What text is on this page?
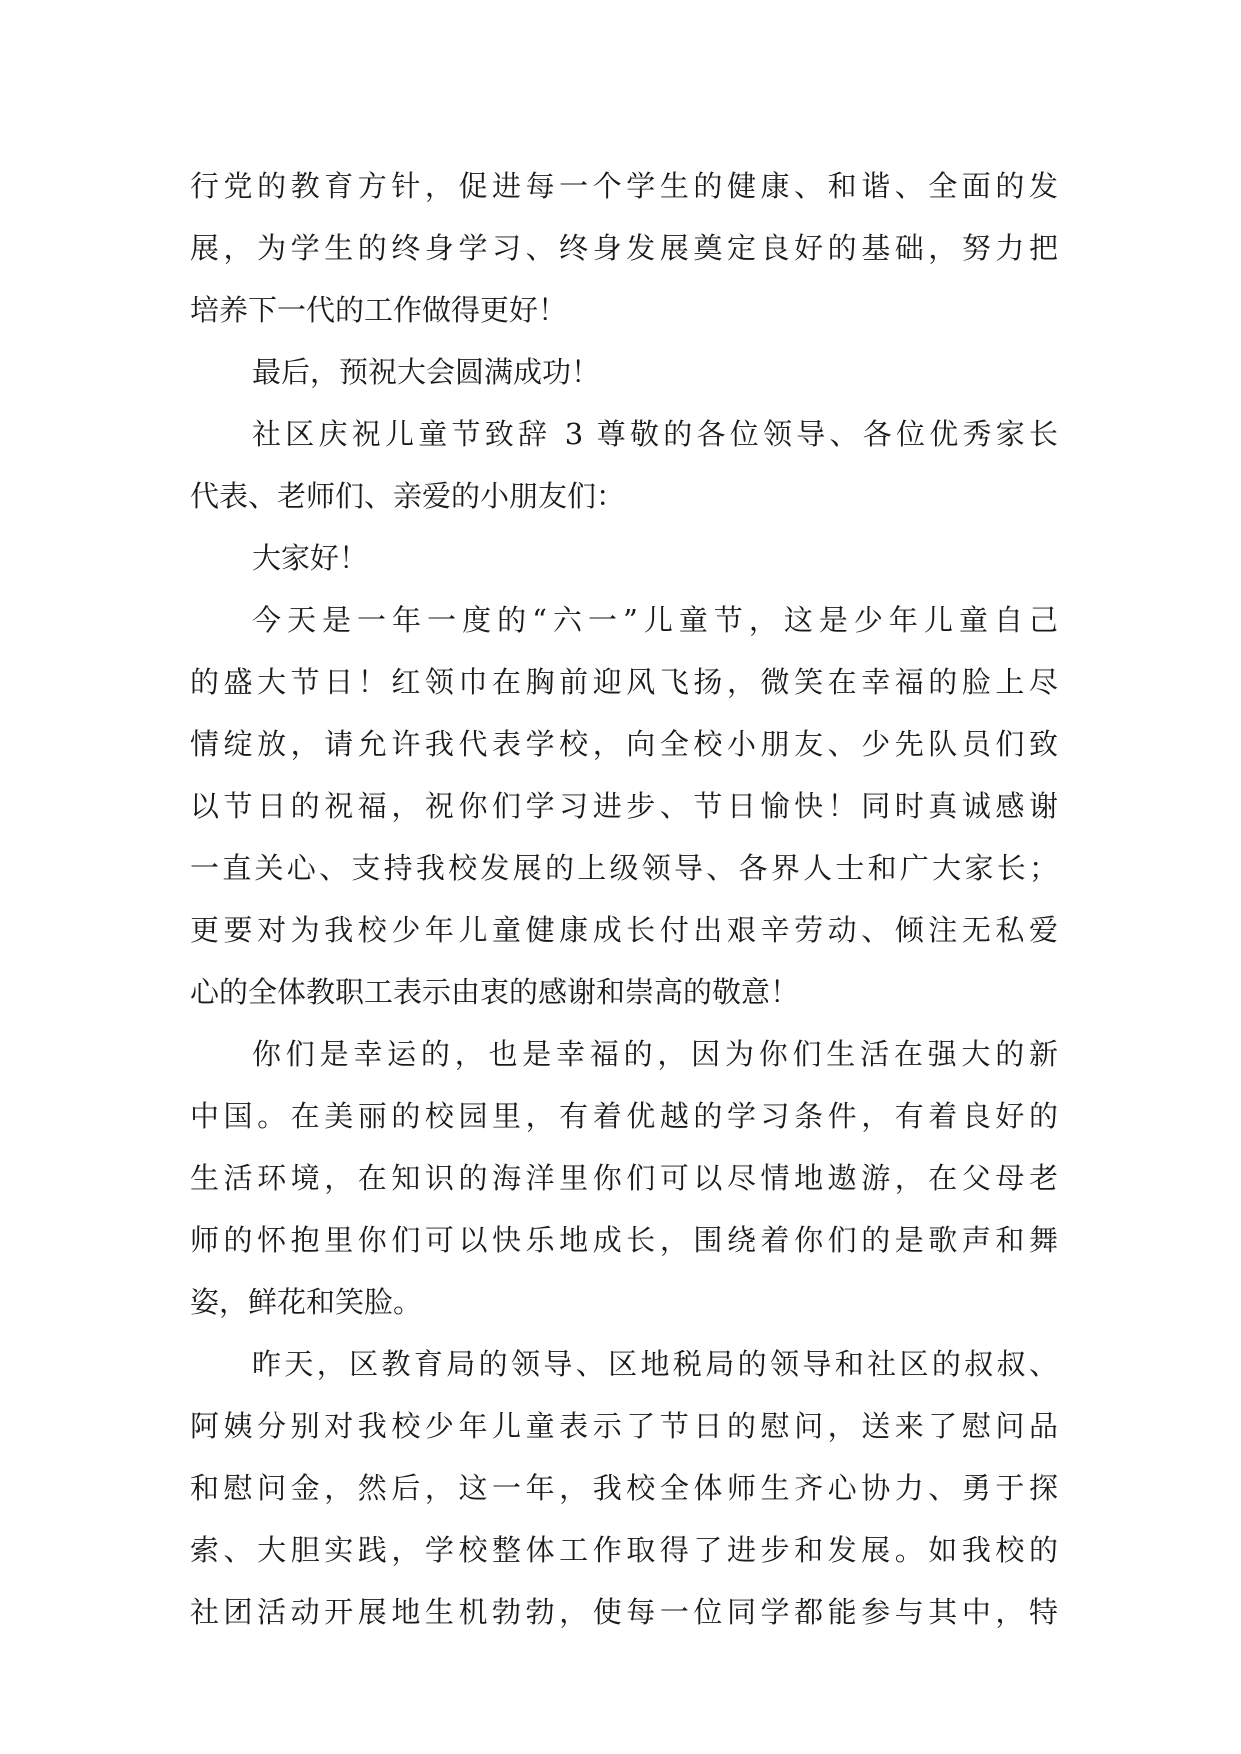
行党的教育方针，促进每一个学生的健康、和谐、全面的发
展，为学生的终身学习、终身发展奠定良好的基础，努力把
培养下一代的工作做得更好！
最后，预祝大会圆满成功！
社区庆祝儿童节致辞 3 尊敬的各位领导、各位优秀家长
代表、老师们、亲爱的小朋友们：
大家好！
今天是一年一度的“六一”儿童节，这是少年儿童自己
的盛大节日！红领巾在胸前迎风飞扬，微笑在幸福的脸上尽
情绽放，请允许我代表学校，向全校小朋友、少先队员们致
以节日的祝福，祝你们学习进步、节日愉快！同时真诚感谢
一直关心、支持我校发展的上级领导、各界人士和广大家长；
更要对为我校少年儿童健康成长付出艰辛劳动、倾注无私爱
心的全体教职工表示由衷的感谢和崇高的敬意！
你们是幸运的，也是幸福的，因为你们生活在强大的新
中国。在美丽的校园里，有着优越的学习条件，有着良好的
生活环境，在知识的海洋里你们可以尽情地遨游，在父母老
师的怀抱里你们可以快乐地成长，围绕着你们的是歌声和舞
姿，鲜花和笑脸。
昨天，区教育局的领导、区地税局的领导和社区的叔叔、
阿姨分别对我校少年儿童表示了节日的慰问，送来了慰问品
和慰问金，然后，这一年，我校全体师生齐心协力、勇于探
索、大胆实践，学校整体工作取得了进步和发展。如我校的
社团活动开展地生机勃勃，使每一位同学都能参与其中，特
